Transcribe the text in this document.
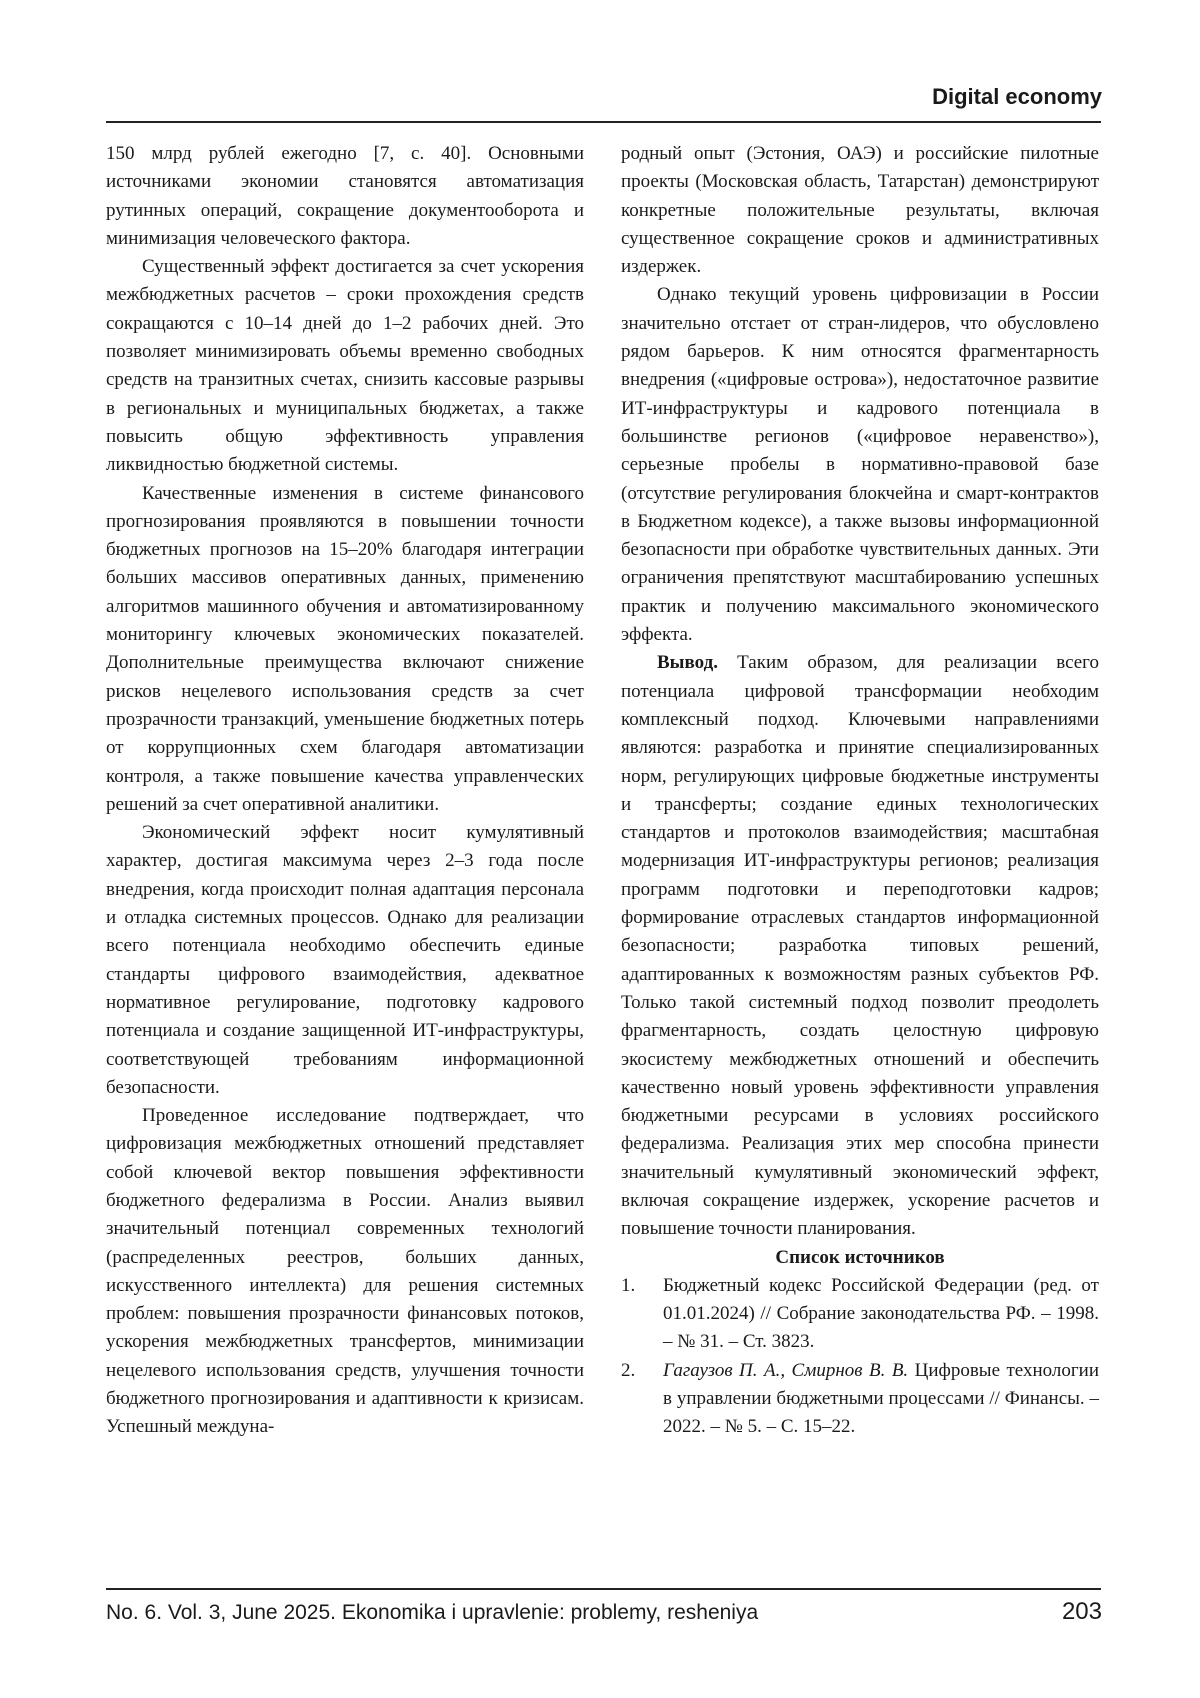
Digital economy

150 млрд рублей ежегодно [7, с. 40]. Основными источниками экономии становятся автоматизация рутинных операций, сокращение документооборота и минимизация человеческого фактора.

Существенный эффект достигается за счет ускорения межбюджетных расчетов – сроки прохождения средств сокращаются с 10–14 дней до 1–2 рабочих дней. Это позволяет минимизировать объемы временно свободных средств на транзитных счетах, снизить кассовые разрывы в региональных и муниципальных бюджетах, а также повысить общую эффективность управления ликвидностью бюджетной системы.

Качественные изменения в системе финансового прогнозирования проявляются в повышении точности бюджетных прогнозов на 15–20% благодаря интеграции больших массивов оперативных данных, применению алгоритмов машинного обучения и автоматизированному мониторингу ключевых экономических показателей. Дополнительные преимущества включают снижение рисков нецелевого использования средств за счет прозрачности транзакций, уменьшение бюджетных потерь от коррупционных схем благодаря автоматизации контроля, а также повышение качества управленческих решений за счет оперативной аналитики.

Экономический эффект носит кумулятивный характер, достигая максимума через 2–3 года после внедрения, когда происходит полная адаптация персонала и отладка системных процессов. Однако для реализации всего потенциала необходимо обеспечить единые стандарты цифрового взаимодействия, адекватное нормативное регулирование, подготовку кадрового потенциала и создание защищенной ИТ-инфраструктуры, соответствующей требованиям информационной безопасности.

Проведенное исследование подтверждает, что цифровизация межбюджетных отношений представляет собой ключевой вектор повышения эффективности бюджетного федерализма в России. Анализ выявил значительный потенциал современных технологий (распределенных реестров, больших данных, искусственного интеллекта) для решения системных проблем: повышения прозрачности финансовых потоков, ускорения межбюджетных трансфертов, минимизации нецелевого использования средств, улучшения точности бюджетного прогнозирования и адаптивности к кризисам. Успешный междуна-

родный опыт (Эстония, ОАЭ) и российские пилотные проекты (Московская область, Татарстан) демонстрируют конкретные положительные результаты, включая существенное сокращение сроков и административных издержек.

Однако текущий уровень цифровизации в России значительно отстает от стран-лидеров, что обусловлено рядом барьеров. К ним относятся фрагментарность внедрения («цифровые острова»), недостаточное развитие ИТ-инфраструктуры и кадрового потенциала в большинстве регионов («цифровое неравенство»), серьезные пробелы в нормативно-правовой базе (отсутствие регулирования блокчейна и смарт-контрактов в Бюджетном кодексе), а также вызовы информационной безопасности при обработке чувствительных данных. Эти ограничения препятствуют масштабированию успешных практик и получению максимального экономического эффекта.

Вывод. Таким образом, для реализации всего потенциала цифровой трансформации необходим комплексный подход. Ключевыми направлениями являются: разработка и принятие специализированных норм, регулирующих цифровые бюджетные инструменты и трансферты; создание единых технологических стандартов и протоколов взаимодействия; масштабная модернизация ИТ-инфраструктуры регионов; реализация программ подготовки и переподготовки кадров; формирование отраслевых стандартов информационной безопасности; разработка типовых решений, адаптированных к возможностям разных субъектов РФ. Только такой системный подход позволит преодолеть фрагментарность, создать целостную цифровую экосистему межбюджетных отношений и обеспечить качественно новый уровень эффективности управления бюджетными ресурсами в условиях российского федерализма. Реализация этих мер способна принести значительный кумулятивный экономический эффект, включая сокращение издержек, ускорение расчетов и повышение точности планирования.

Список источников

1.	Бюджетный кодекс Российской Федерации (ред. от 01.01.2024) // Собрание законодательства РФ. – 1998. – № 31. – Ст. 3823.
2.	Гагаузов П. А., Смирнов В. В. Цифровые технологии в управлении бюджетными процессами // Финансы. – 2022. – № 5. – С. 15–22.
No. 6. Vol. 3, June 2025. Ekonomika i upravlenie: problemy, resheniya	203
